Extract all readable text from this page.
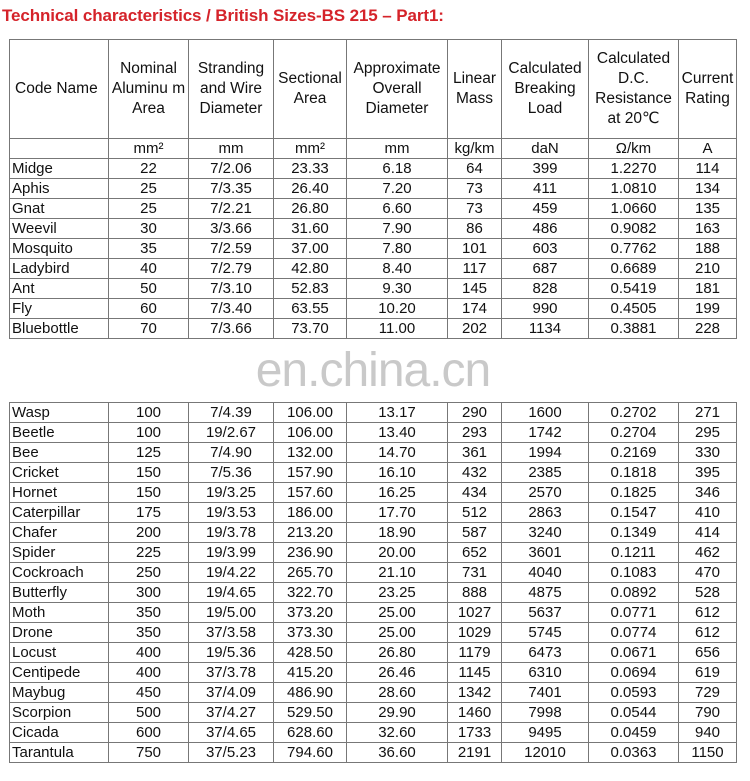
Technical characteristics / British Sizes-BS 215 – Part1:
Code Name	Nominal Aluminu m Area	Stranding and Wire Diameter	Sectional Area	Approximate Overall Diameter	Linear Mass	Calculated Breaking Load	Calculated D.C. Resistance at 20℃	Current Rating
	mm²	mm	mm²	mm	kg/km	daN	Ω/km	A
Midge	22	7/2.06	23.33	6.18	64	399	1.2270	114
Aphis	25	7/3.35	26.40	7.20	73	411	1.0810	134
Gnat	25	7/2.21	26.80	6.60	73	459	1.0660	135
Weevil	30	3/3.66	31.60	7.90	86	486	0.9082	163
Mosquito	35	7/2.59	37.00	7.80	101	603	0.7762	188
Ladybird	40	7/2.79	42.80	8.40	117	687	0.6689	210
Ant	50	7/3.10	52.83	9.30	145	828	0.5419	181
Fly	60	7/3.40	63.55	10.20	174	990	0.4505	199
Bluebottle	70	7/3.66	73.70	11.00	202	1134	0.3881	228

en.china.cn								

Wasp	100	7/4.39	106.00	13.17	290	1600	0.2702	271
Beetle	100	19/2.67	106.00	13.40	293	1742	0.2704	295
Bee	125	7/4.90	132.00	14.70	361	1994	0.2169	330
Cricket	150	7/5.36	157.90	16.10	432	2385	0.1818	395
Hornet	150	19/3.25	157.60	16.25	434	2570	0.1825	346
Caterpillar	175	19/3.53	186.00	17.70	512	2863	0.1547	410
Chafer	200	19/3.78	213.20	18.90	587	3240	0.1349	414
Spider	225	19/3.99	236.90	20.00	652	3601	0.1211	462
Cockroach	250	19/4.22	265.70	21.10	731	4040	0.1083	470
Butterfly	300	19/4.65	322.70	23.25	888	4875	0.0892	528
Moth	350	19/5.00	373.20	25.00	1027	5637	0.0771	612
Drone	350	37/3.58	373.30	25.00	1029	5745	0.0774	612
Locust	400	19/5.36	428.50	26.80	1179	6473	0.0671	656
Centipede	400	37/3.78	415.20	26.46	1145	6310	0.0694	619
Maybug	450	37/4.09	486.90	28.60	1342	7401	0.0593	729
Scorpion	500	37/4.27	529.50	29.90	1460	7998	0.0544	790
Cicada	600	37/4.65	628.60	32.60	1733	9495	0.0459	940
Tarantula	750	37/5.23	794.60	36.60	2191	12010	0.0363	1150
